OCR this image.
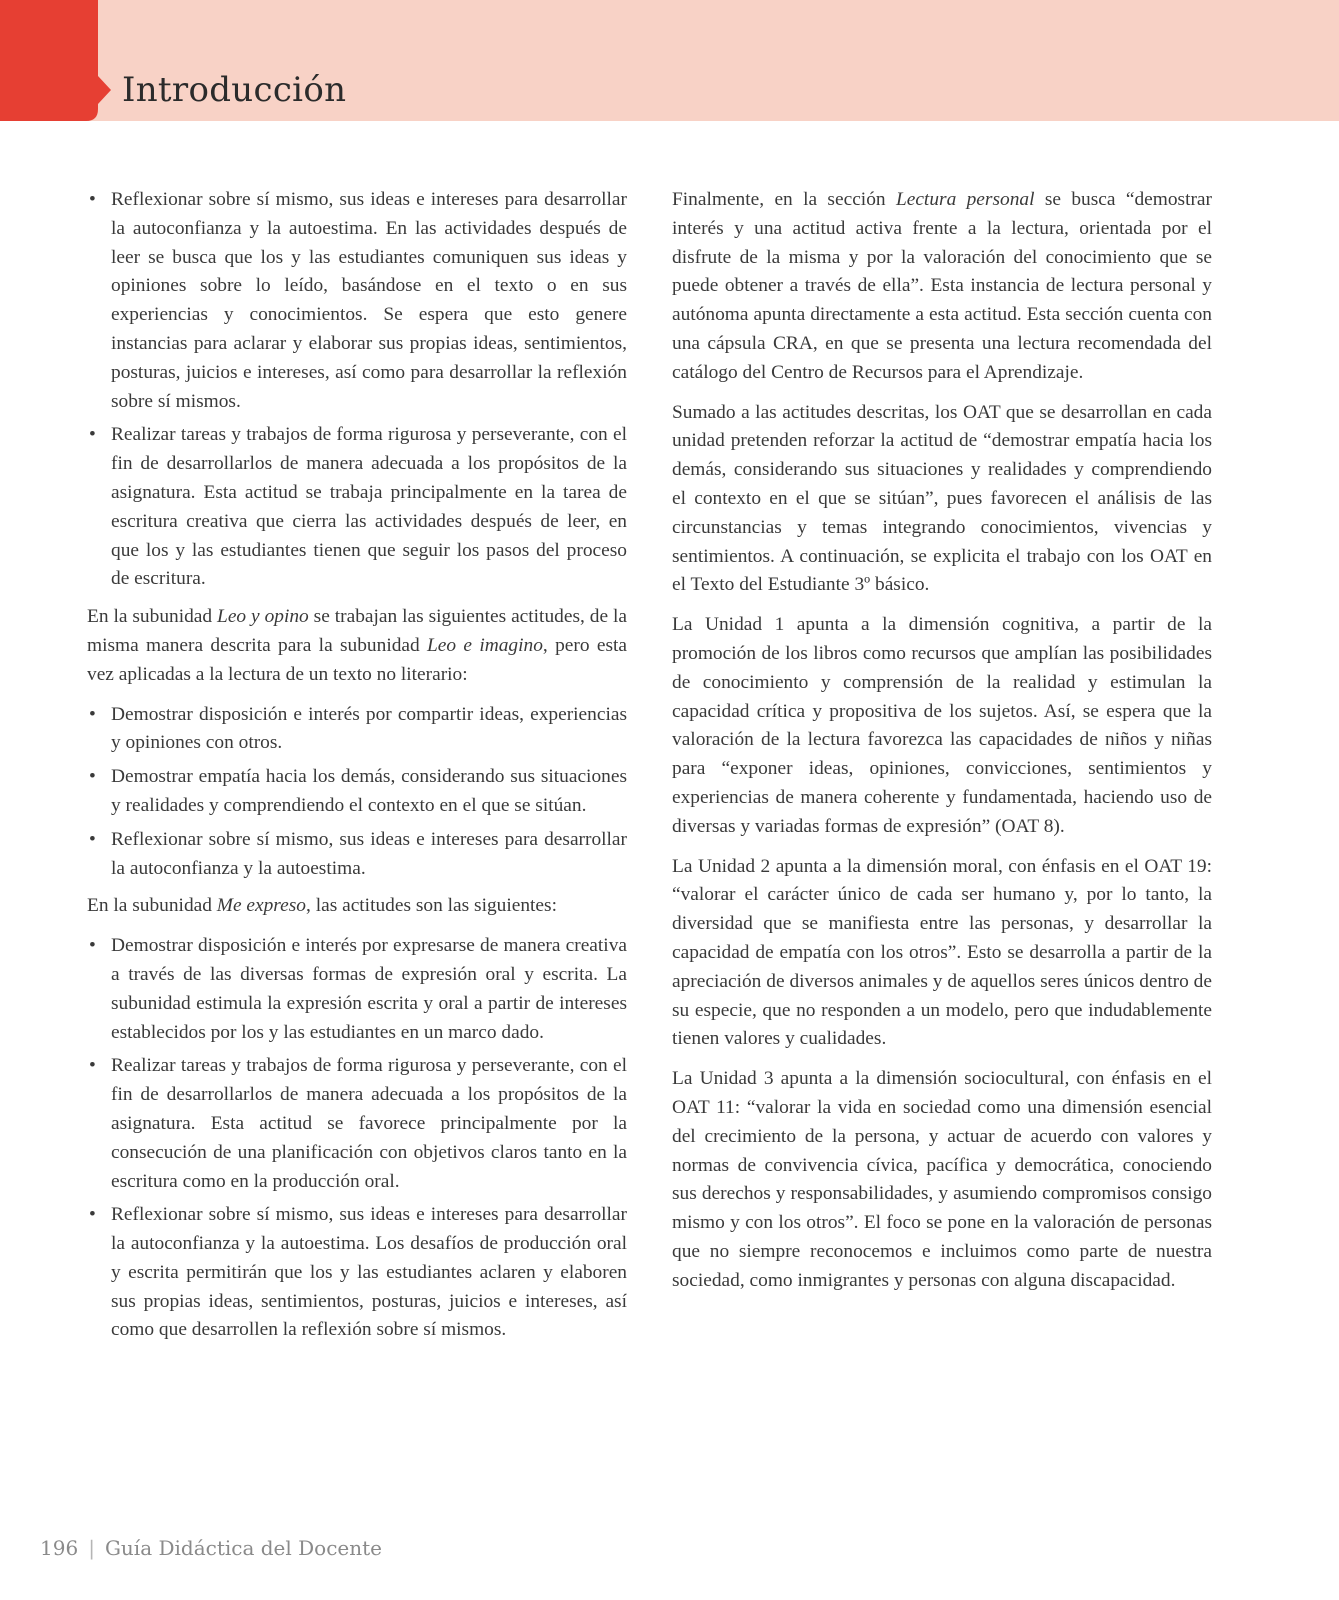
Introducción
• Reflexionar sobre sí mismo, sus ideas e intereses para desarrollar la autoconfianza y la autoestima. En las actividades después de leer se busca que los y las estudiantes comuniquen sus ideas y opiniones sobre lo leído, basándose en el texto o en sus experiencias y conocimientos. Se espera que esto genere instancias para aclarar y elaborar sus propias ideas, sentimientos, posturas, juicios e intereses, así como para desarrollar la reflexión sobre sí mismos.
• Realizar tareas y trabajos de forma rigurosa y perseverante, con el fin de desarrollarlos de manera adecuada a los propósitos de la asignatura. Esta actitud se trabaja principalmente en la tarea de escritura creativa que cierra las actividades después de leer, en que los y las estudiantes tienen que seguir los pasos del proceso de escritura.

En la subunidad Leo y opino se trabajan las siguientes actitudes, de la misma manera descrita para la subunidad Leo e imagino, pero esta vez aplicadas a la lectura de un texto no literario:

• Demostrar disposición e interés por compartir ideas, experiencias y opiniones con otros.
• Demostrar empatía hacia los demás, considerando sus situaciones y realidades y comprendiendo el contexto en el que se sitúan.
• Reflexionar sobre sí mismo, sus ideas e intereses para desarrollar la autoconfianza y la autoestima.

En la subunidad Me expreso, las actitudes son las siguientes:

• Demostrar disposición e interés por expresarse de manera creativa a través de las diversas formas de expresión oral y escrita. La subunidad estimula la expresión escrita y oral a partir de intereses establecidos por los y las estudiantes en un marco dado.
• Realizar tareas y trabajos de forma rigurosa y perseverante, con el fin de desarrollarlos de manera adecuada a los propósitos de la asignatura. Esta actitud se favorece principalmente por la consecución de una planificación con objetivos claros tanto en la escritura como en la producción oral.
• Reflexionar sobre sí mismo, sus ideas e intereses para desarrollar la autoconfianza y la autoestima. Los desafíos de producción oral y escrita permitirán que los y las estudiantes aclaren y elaboren sus propias ideas, sentimientos, posturas, juicios e intereses, así como que desarrollen la reflexión sobre sí mismos.

Finalmente, en la sección Lectura personal se busca “demostrar interés y una actitud activa frente a la lectura, orientada por el disfrute de la misma y por la valoración del conocimiento que se puede obtener a través de ella”. Esta instancia de lectura personal y autónoma apunta directamente a esta actitud. Esta sección cuenta con una cápsula CRA, en que se presenta una lectura recomendada del catálogo del Centro de Recursos para el Aprendizaje.

Sumado a las actitudes descritas, los OAT que se desarrollan en cada unidad pretenden reforzar la actitud de “demostrar empatía hacia los demás, considerando sus situaciones y realidades y comprendiendo el contexto en el que se sitúan”, pues favorecen el análisis de las circunstancias y temas integrando conocimientos, vivencias y sentimientos. A continuación, se explicita el trabajo con los OAT en el Texto del Estudiante 3º básico.

La Unidad 1 apunta a la dimensión cognitiva, a partir de la promoción de los libros como recursos que amplían las posibilidades de conocimiento y comprensión de la realidad y estimulan la capacidad crítica y propositiva de los sujetos. Así, se espera que la valoración de la lectura favorezca las capacidades de niños y niñas para “exponer ideas, opiniones, convicciones, sentimientos y experiencias de manera coherente y fundamentada, haciendo uso de diversas y variadas formas de expresión” (OAT 8).

La Unidad 2 apunta a la dimensión moral, con énfasis en el OAT 19: “valorar el carácter único de cada ser humano y, por lo tanto, la diversidad que se manifiesta entre las personas, y desarrollar la capacidad de empatía con los otros”. Esto se desarrolla a partir de la apreciación de diversos animales y de aquellos seres únicos dentro de su especie, que no responden a un modelo, pero que indudablemente tienen valores y cualidades.

La Unidad 3 apunta a la dimensión sociocultural, con énfasis en el OAT 11: “valorar la vida en sociedad como una dimensión esencial del crecimiento de la persona, y actuar de acuerdo con valores y normas de convivencia cívica, pacífica y democrática, conociendo sus derechos y responsabilidades, y asumiendo compromisos consigo mismo y con los otros”. El foco se pone en la valoración de personas que no siempre reconocemos e incluimos como parte de nuestra sociedad, como inmigrantes y personas con alguna discapacidad.

196 | Guía Didáctica del Docente
